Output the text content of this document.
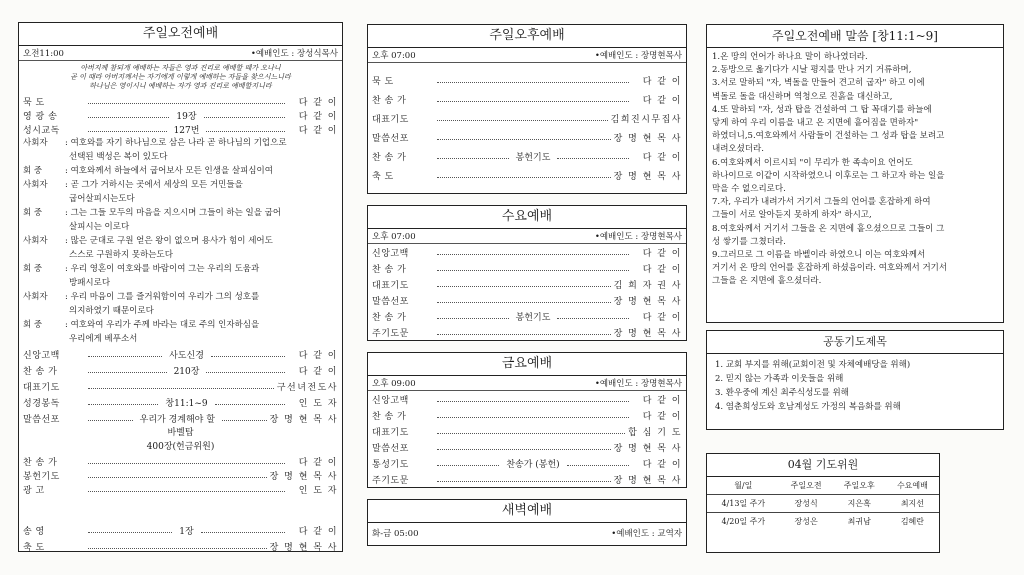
주일오전예배
오전11:00	•예배인도 : 장성식목사
아버지께 참되게 예배하는 자들은 영과 진리로 예배할 때가 오나니
곧 이 때라 아버지께서는 자기에게 이렇게 예배하는 자들을 찾으시느니라
하나님은 영이시니 예배하는 자가 영과 진리로 예배할지니라
묵 도	다 같 이
영 광 송	19장	다 같 이
성시교독	127번	다 같 이
사회자 : 여호와를 자기 하나님으로 삼은 나라 곧 하나님의 기업으로
선택된 백성은 복이 있도다
회 중	: 여호와께서 하늘에서 굽어보사 모든 인생을 살피심이여
사회자 : 곧 그가 거하시는 곳에서 세상의 모든 거민들을
굽어살피시는도다
회 중	: 그는 그들 모두의 마음을 지으시며 그들이 하는 일을 굽어
살피시는 이로다
사회자 : 많은 군대로 구원 얻은 왕이 없으며 용사가 힘이 세어도
스스로 구원하지 못하는도다
회 중	: 우리 영혼이 여호와를 바람이여 그는 우리의 도움과
방패시로다
사회자 : 우리 마음이 그를 즐거워함이여 우리가 그의 성호를
의지하였기 때문이로다
회 중	: 여호와여 우리가 주께 바라는 대로 주의 인자하심을
우리에게 베푸소서
신앙고백	사도신경	다 같 이
찬 송 가	210장	다 같 이
대표기도	구선녀전도사
성경봉독	창11:1~9	인 도 자
말씀선포	우리가 경계해야 할	장 명 현 목 사
바벨탑
400장(헌금위원)
찬 송 가	다 같 이
봉헌기도	장 명 현 목 사
광 고	인 도 자
송 영	1장	다 같 이
축 도	장 명 현 목 사
주일오후예배
오후 07:00	•예배인도 : 장명현목사
묵 도	다 같 이
찬 송 가	다 같 이
대표기도	김희진시무집사
말씀선포	장 명 현 목 사
찬 송 가	봉헌기도	다 같 이
축 도	장 명 현 목 사
수요예배
오후 07:00	•예배인도 : 장명현목사
신앙고백	다 같 이
찬 송 가	다 같 이
대표기도	김 희 자 권 사
말씀선포	장 명 현 목 사
찬 송 가	봉헌기도	다 같 이
주기도문	장 명 현 목 사
금요예배
오후 09:00	•예배인도 : 장명현목사
신앙고백	다 같 이
찬 송 가	다 같 이
대표기도	합 심 기 도
말씀선포	장 명 현 목 사
통성기도	찬송가 (봉헌)	다 같 이
주기도문	장 명 현 목 사
새벽예배
화-금 05:00	•예배인도 : 교역자
주일오전예배 말씀 [창11:1~9]

1.온 땅의 언어가 하나요 말이 하나였더라.

2.동방으로 옮기다가 시날 평지를 만나 거기 거류하며,

3.서로 말하되 "자, 벽돌을 만들어 견고히 굽자" 하고 이에

벽돌로 돌을 대신하며 역청으로 진흙을 대신하고,

4.또 말하되 "자, 성과 탑을 건설하여 그 탑 꼭대기를 하늘에

닿게 하여 우리 이름을 내고 온 지면에 흩어짐을 면하자"

하였더니,5.여호와께서 사람들이 건설하는 그 성과 탑을 보려고

내려오셨더라.

6.여호와께서 이르시되 "이 무리가 한 족속이요 언어도

하나이므로 이같이 시작하였으니 이후로는 그 하고자 하는 일을

막을 수 없으리로다.

7.자, 우리가 내려가서 거기서 그들의 언어를 혼잡하게 하여

그들이 서로 알아듣지 못하게 하자" 하시고,

8.여호와께서 거기서 그들을 온 지면에 흩으셨으므로 그들이 그

성 쌓기를 그쳤더라.

9.그러므로 그 이름을 바벨이라 하였으니 이는 여호와께서

거기서 온 땅의 언어를 혼잡하게 하셨음이라. 여호와께서 거기서

그들을 온 지면에 흩으셨더라.

공동기도제목
1. 교회 부지를 위해(교회이전 및 자체예배당을 위해)
2. 믿지 않는 가족과 이웃들을 위해
3. 환우중에 계신 최주식성도를 위해
4. 염춘희성도와 호남계성도 가정의 복음화를 위해
04월 기도위원
월/일	주일오전	주일오후	수요예배
4/13일 주가	장성식	지은혹	최지선
4/20일 주가	장성은	최귀남	김혜란
